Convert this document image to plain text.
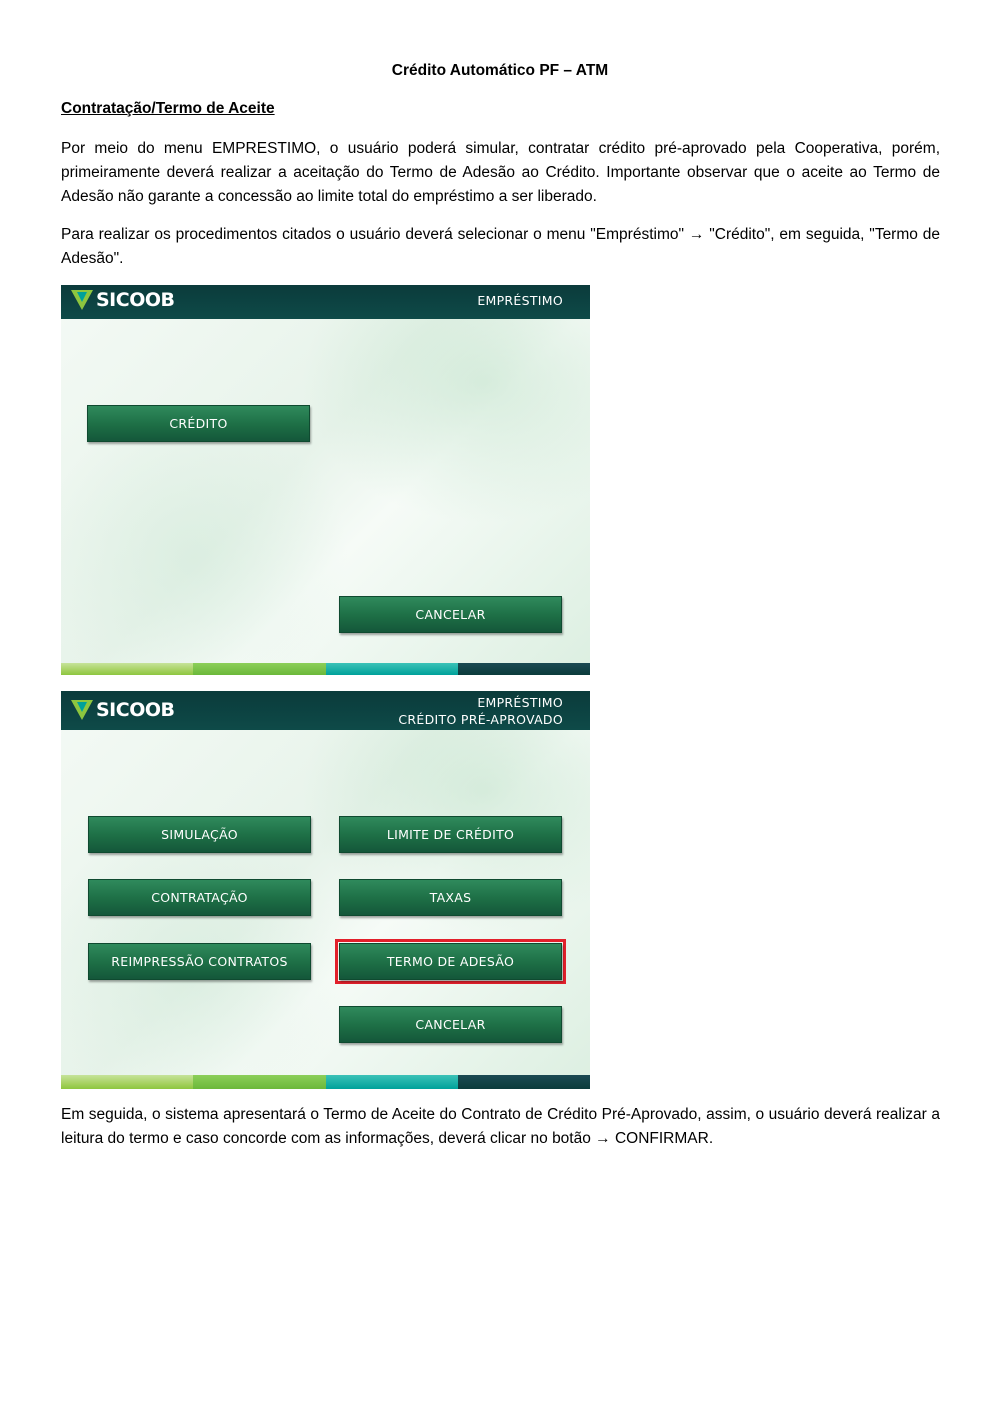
Crédito Automático PF – ATM
Contratação/Termo de Aceite

Por meio do menu EMPRESTIMO, o usuário poderá simular, contratar crédito pré-aprovado pela Cooperativa, porém, primeiramente deverá realizar a aceitação do Termo de Adesão ao Crédito. Importante observar que o aceite ao Termo de Adesão não garante a concessão ao limite total do empréstimo a ser liberado.

Para realizar os procedimentos citados o usuário deverá selecionar o menu "Empréstimo" → "Crédito", em seguida, "Termo de Adesão".

SICOOB	EMPRÉSTIMO
CRÉDITO
CANCELAR
SICOOB	EMPRÉSTIMO
CRÉDITO PRÉ-APROVADO
SIMULAÇÃO	LIMITE DE CRÉDITO
CONTRATAÇÃO	TAXAS
REIMPRESSÃO CONTRATOS	TERMO DE ADESÃO
CANCELAR

Em seguida, o sistema apresentará o Termo de Aceite do Contrato de Crédito Pré-Aprovado, assim, o usuário deverá realizar a leitura do termo e caso concorde com as informações, deverá clicar no botão → CONFIRMAR.
